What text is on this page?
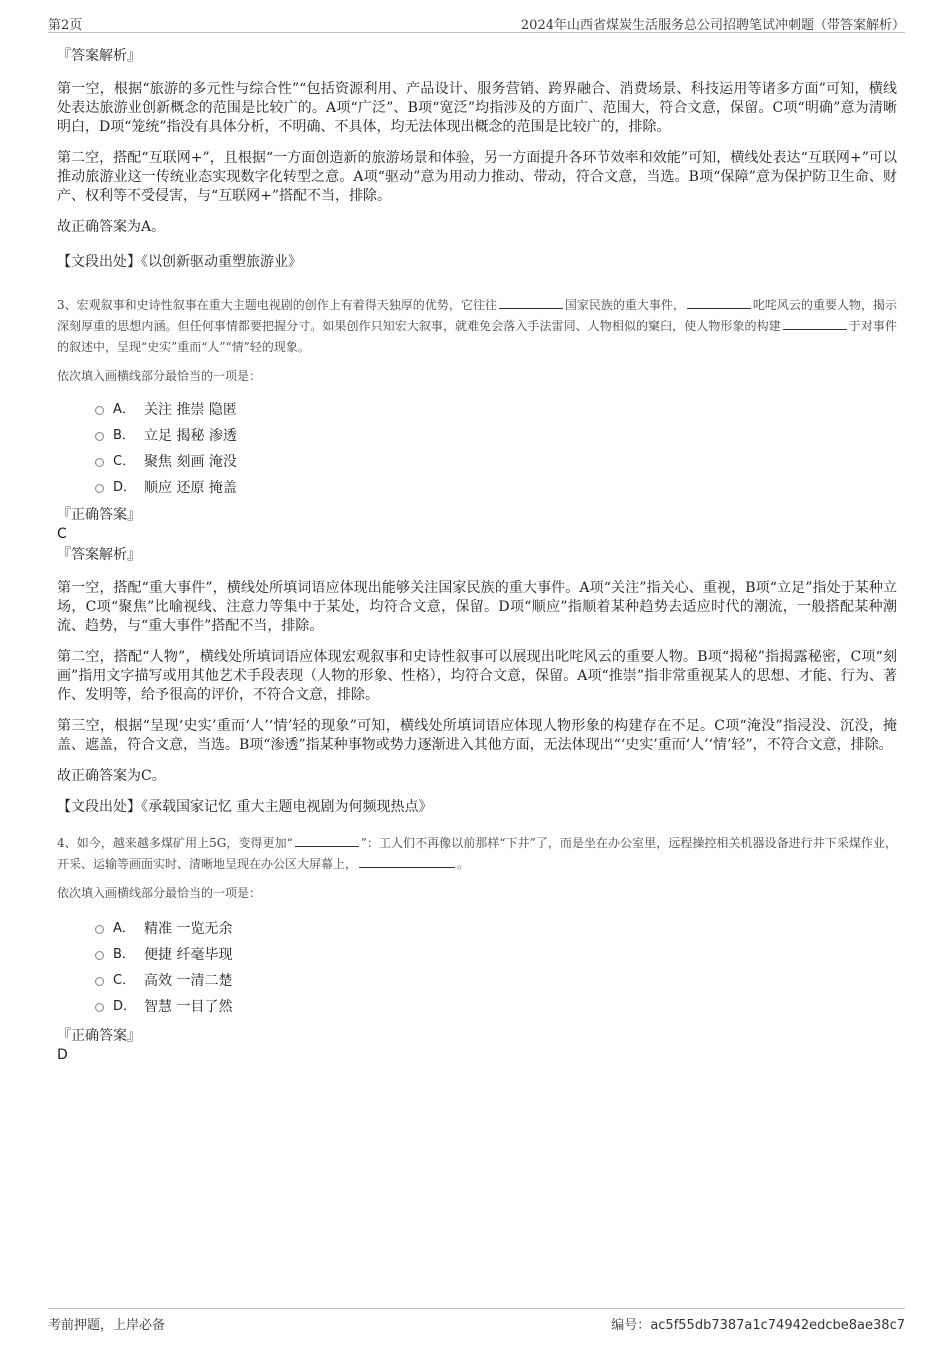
第2页	2024年山西省煤炭生活服务总公司招聘笔试冲刺题（带答案解析）
『答案解析』

第一空，根据“旅游的多元性与综合性”“包括资源利用、产品设计、服务营销、跨界融合、消费场景、科技运用等诸多方面”可知，横线处表达旅游业创新概念的范围是比较广的。A项“广泛”、B项“宽泛”均指涉及的方面广、范围大，符合文意，保留。C项“明确”意为清晰明白，D项“笼统”指没有具体分析，不明确、不具体，均无法体现出概念的范围是比较广的，排除。

第二空，搭配“互联网+”，且根据“一方面创造新的旅游场景和体验，另一方面提升各环节效率和效能”可知，横线处表达“互联网+”可以推动旅游业这一传统业态实现数字化转型之意。A项“驱动”意为用动力推动、带动，符合文意，当选。B项“保障”意为保护防卫生命、财产、权利等不受侵害，与“互联网+”搭配不当，排除。

故正确答案为A。

【文段出处】《以创新驱动重塑旅游业》

3、宏观叙事和史诗性叙事在重大主题电视剧的创作上有着得天独厚的优势，它往往	国家民族的重大事件，	叱咤风云的重要人物，揭示深刻厚重的思想内涵。但任何事情都要把握分寸。如果创作只知宏大叙事，就难免会落入手法雷同、人物相似的窠臼，使人物形象的构建	于对事件的叙述中，呈现“史实”重而“人”“情”轻的现象。

依次填入画横线部分最恰当的一项是：

A． 关注 推崇 隐匿
B． 立足 揭秘 渗透
C． 聚焦 刻画 淹没
D． 顺应 还原 掩盖
『正确答案』
C
『答案解析』

第一空，搭配“重大事件”，横线处所填词语应体现出能够关注国家民族的重大事件。A项“关注”指关心、重视，B项“立足”指处于某种立场，C项“聚焦”比喻视线、注意力等集中于某处，均符合文意，保留。D项“顺应”指顺着某种趋势去适应时代的潮流，一般搭配某种潮流、趋势，与“重大事件”搭配不当，排除。

第二空，搭配“人物”，横线处所填词语应体现宏观叙事和史诗性叙事可以展现出叱咤风云的重要人物。B项“揭秘”指揭露秘密，C项“刻画”指用文字描写或用其他艺术手段表现（人物的形象、性格），均符合文意，保留。A项“推崇”指非常重视某人的思想、才能、行为、著作、发明等，给予很高的评价，不符合文意，排除。

第三空，根据“呈现‘史实’重而‘人’‘情’轻的现象”可知，横线处所填词语应体现人物形象的构建存在不足。C项“淹没”指浸没、沉没，掩盖、遮盖，符合文意，当选。B项“渗透”指某种事物或势力逐渐进入其他方面，无法体现出“‘史实’重而‘人’‘情’轻”，不符合文意，排除。

故正确答案为C。

【文段出处】《承载国家记忆 重大主题电视剧为何频现热点》

4、如今，越来越多煤矿用上5G，变得更加“	”：工人们不再像以前那样“下井”了，而是坐在办公室里，远程操控相关机器设备进行井下采煤作业，开采、运输等画面实时、清晰地呈现在办公区大屏幕上，	。

依次填入画横线部分最恰当的一项是：

A． 精准 一览无余
B． 便捷 纤毫毕现
C． 高效 一清二楚
D． 智慧 一目了然
『正确答案』
D
考前押题，上岸必备	编号：ac5f55db7387a1c74942edcbe8ae38c7
